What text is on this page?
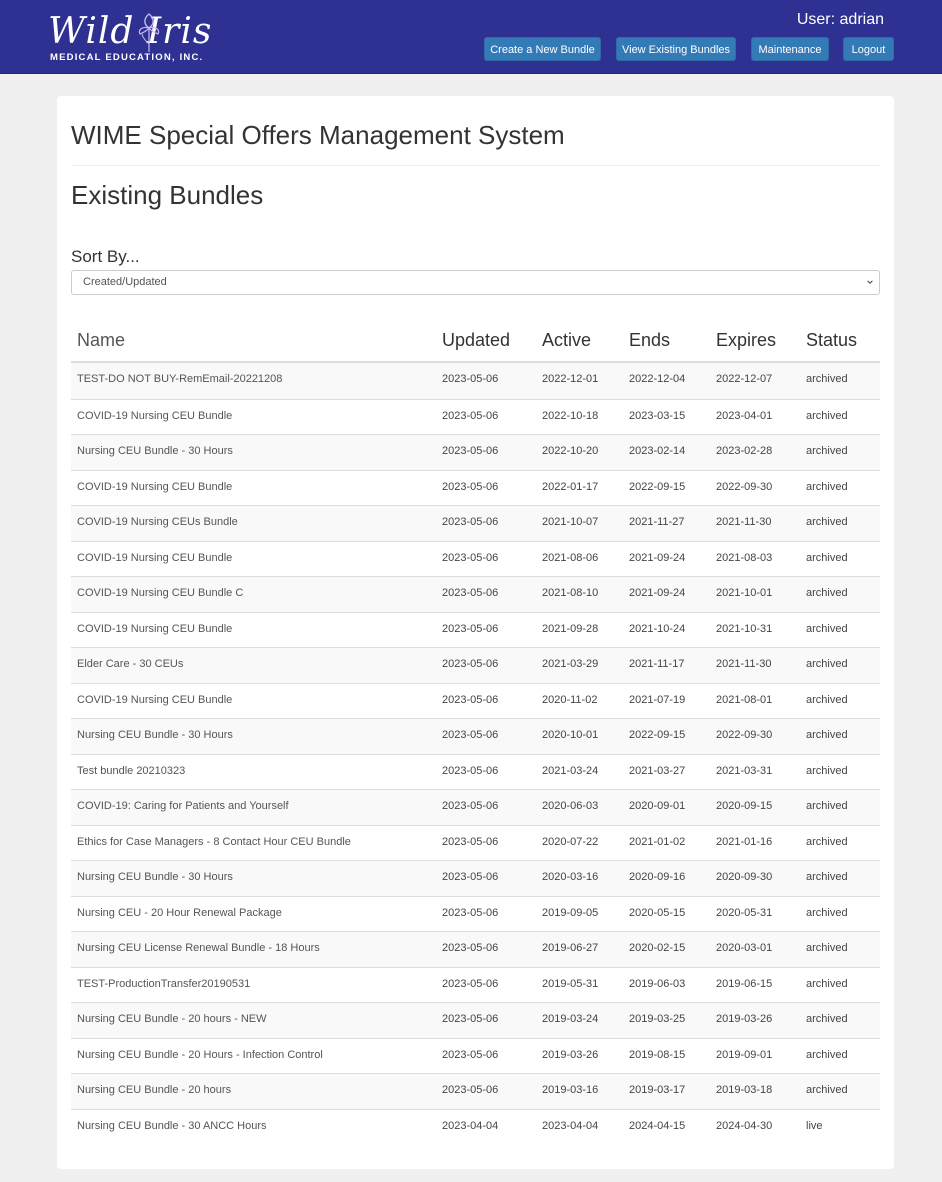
Wild Iris
MEDICAL EDUCATION, INC.
User: adrian
Create a New Bundle	View Existing Bundles	Maintenance	Logout
WIME Special Offers Management System
Existing Bundles
Sort By...
Created/Updated
Name	Updated Active Ends	Expires Status
TEST-DO NOT BUY-RemEmail-20221208	2023-05-06	2022-12-01	2022-12-04	2022-12-07	archived
COVID-19 Nursing CEU Bundle	2023-05-06	2022-10-18	2023-03-15	2023-04-01	archived
Nursing CEU Bundle - 30 Hours	2023-05-06	2022-10-20	2023-02-14	2023-02-28	archived
COVID-19 Nursing CEU Bundle	2023-05-06	2022-01-17	2022-09-15	2022-09-30	archived
COVID-19 Nursing CEUs Bundle	2023-05-06	2021-10-07	2021-11-27	2021-11-30	archived
COVID-19 Nursing CEU Bundle	2023-05-06	2021-08-06	2021-09-24	2021-08-03	archived
COVID-19 Nursing CEU Bundle C	2023-05-06	2021-08-10	2021-09-24	2021-10-01	archived
COVID-19 Nursing CEU Bundle	2023-05-06	2021-09-28	2021-10-24	2021-10-31	archived
Elder Care - 30 CEUs	2023-05-06	2021-03-29	2021-11-17	2021-11-30	archived
COVID-19 Nursing CEU Bundle	2023-05-06	2020-11-02	2021-07-19	2021-08-01	archived
Nursing CEU Bundle - 30 Hours	2023-05-06	2020-10-01	2022-09-15	2022-09-30	archived
Test bundle 20210323	2023-05-06	2021-03-24	2021-03-27	2021-03-31	archived
COVID-19: Caring for Patients and Yourself	2023-05-06	2020-06-03	2020-09-01	2020-09-15	archived
Ethics for Case Managers - 8 Contact Hour CEU Bundle	2023-05-06	2020-07-22	2021-01-02	2021-01-16	archived
Nursing CEU Bundle - 30 Hours	2023-05-06	2020-03-16	2020-09-16	2020-09-30	archived
Nursing CEU - 20 Hour Renewal Package	2023-05-06	2019-09-05	2020-05-15	2020-05-31	archived
Nursing CEU License Renewal Bundle - 18 Hours	2023-05-06	2019-06-27	2020-02-15	2020-03-01	archived
TEST-ProductionTransfer20190531	2023-05-06	2019-05-31	2019-06-03	2019-06-15	archived
Nursing CEU Bundle - 20 hours - NEW	2023-05-06	2019-03-24	2019-03-25	2019-03-26	archived
Nursing CEU Bundle - 20 Hours - Infection Control	2023-05-06	2019-03-26	2019-08-15	2019-09-01	archived
Nursing CEU Bundle - 20 hours	2023-05-06	2019-03-16	2019-03-17	2019-03-18	archived
Nursing CEU Bundle - 30 ANCC Hours	2023-04-04	2023-04-04	2024-04-15	2024-04-30	live
